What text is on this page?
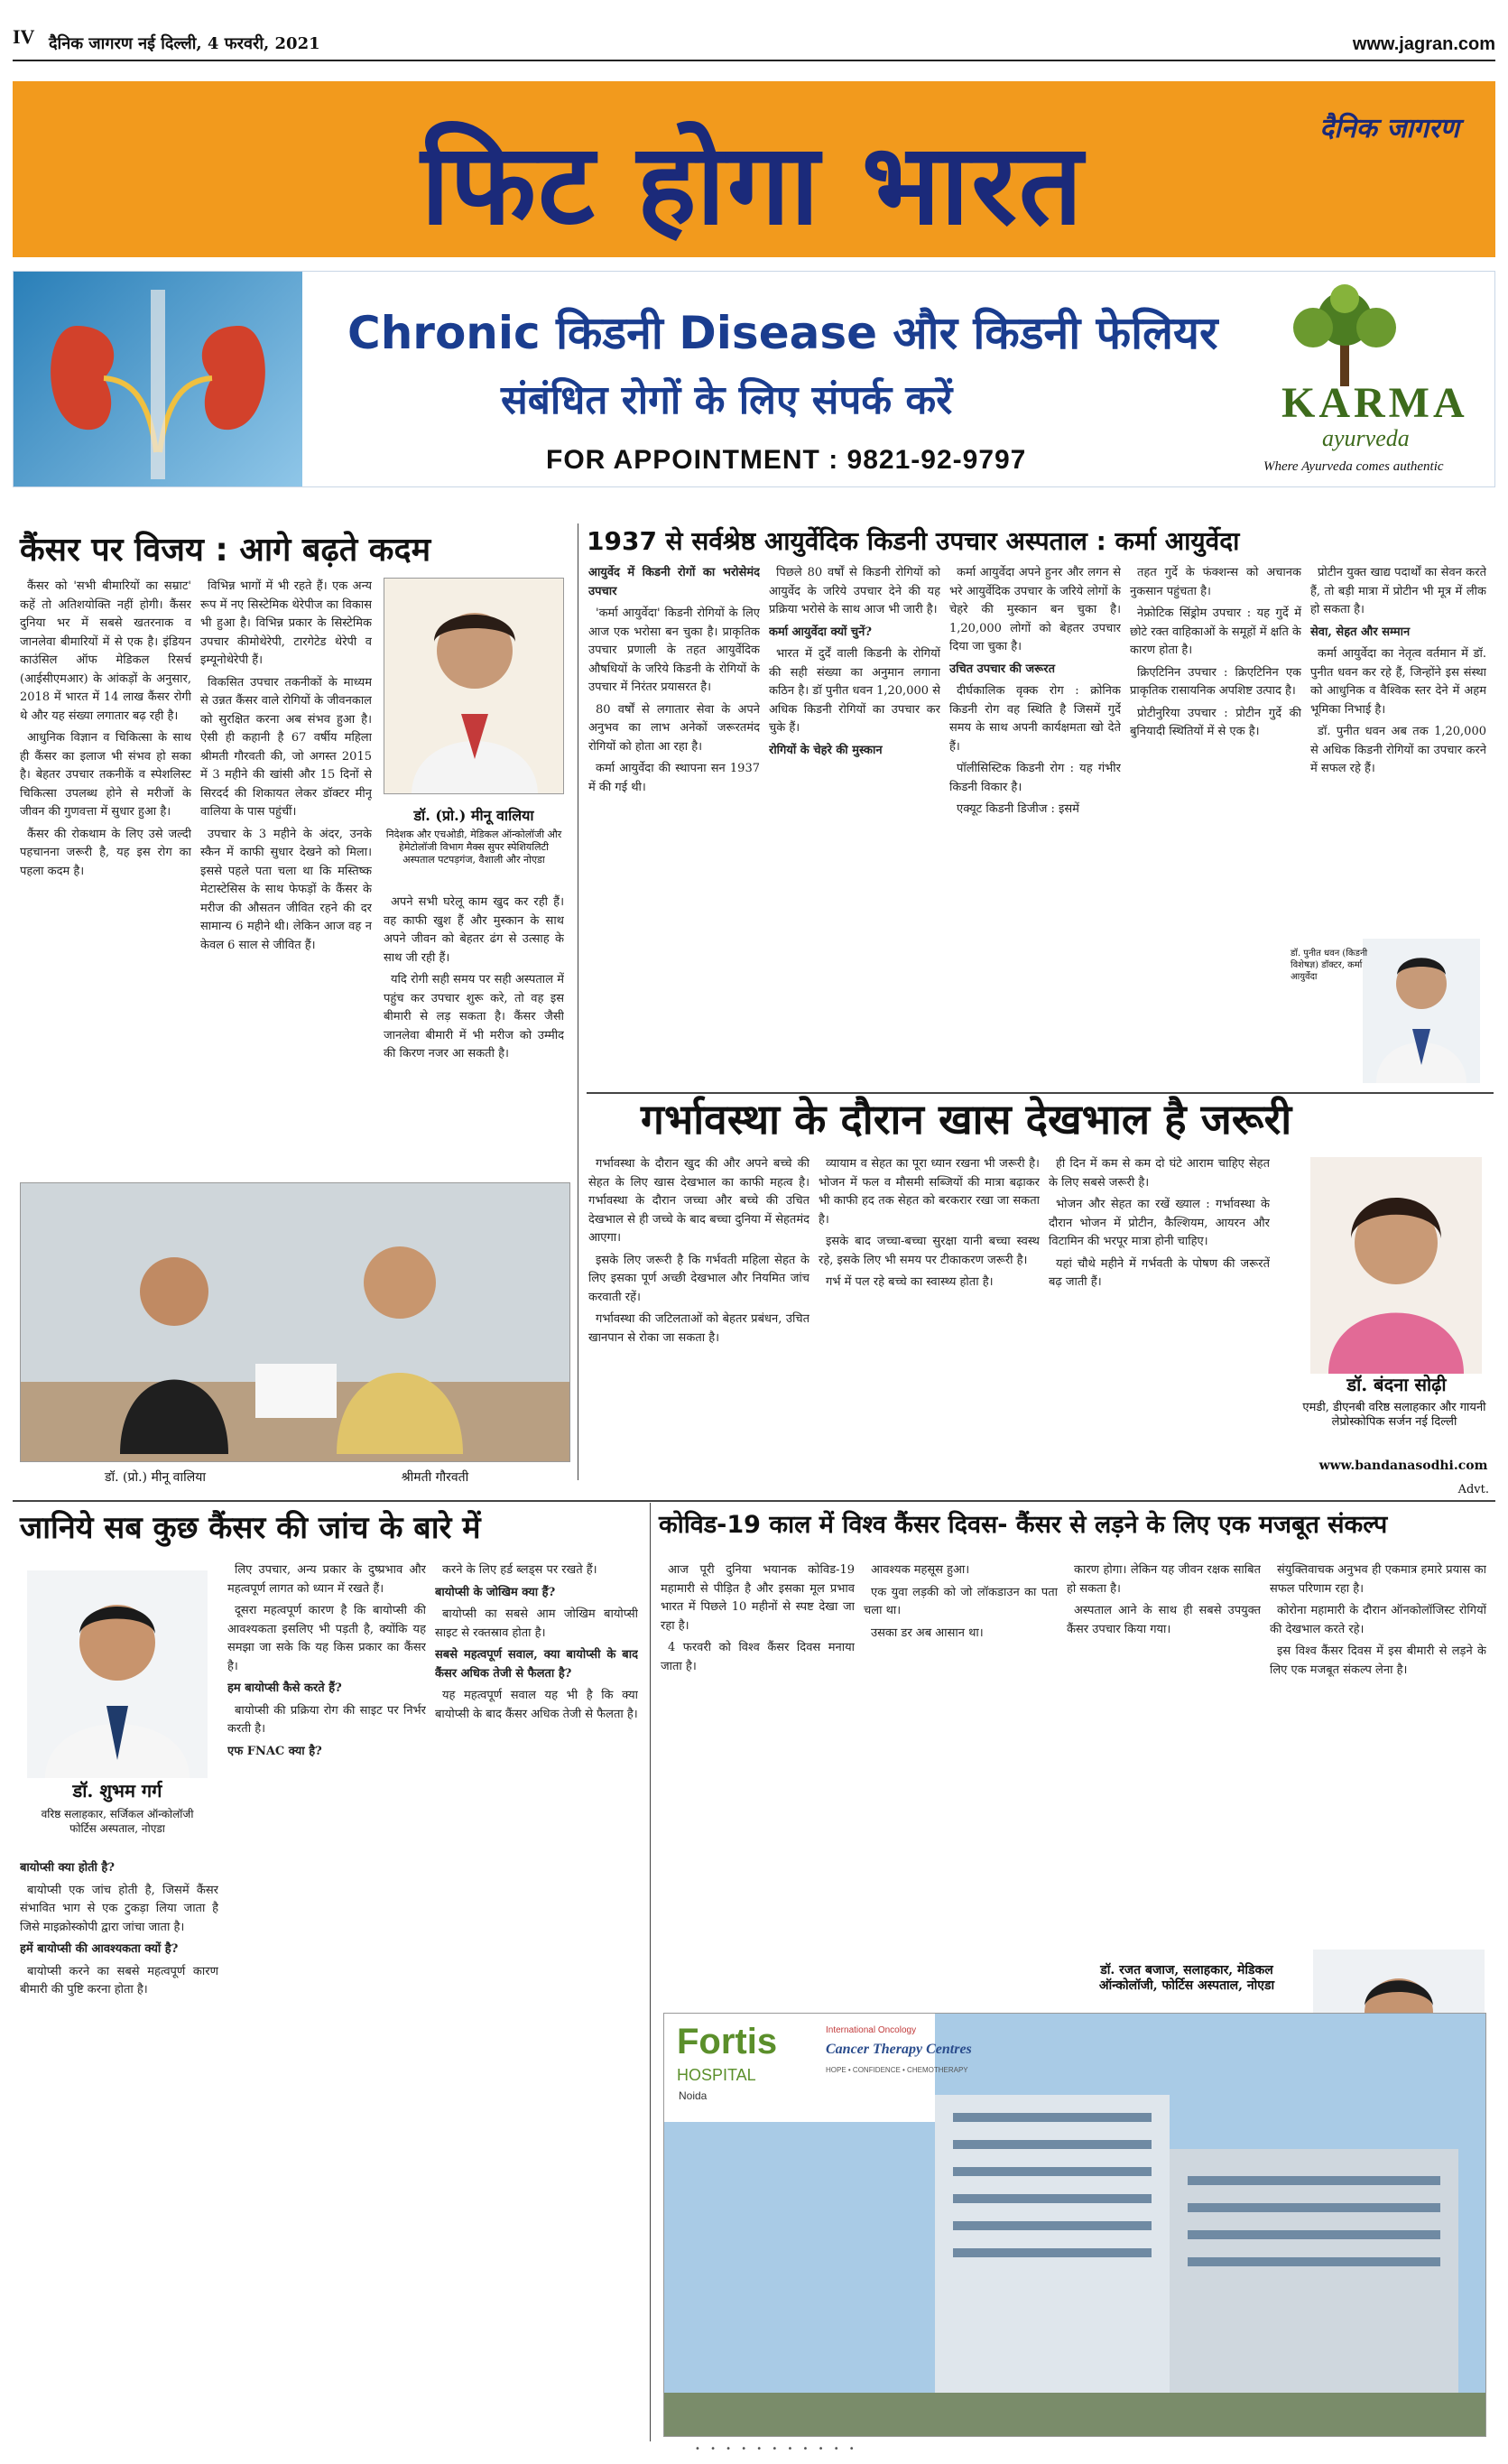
IV दैनिक जागरण नई दिल्ली, 4 फरवरी, 2021	www.jagran.com
दैनिक जागरण
फिट होगा भारत
Chronic किडनी Disease और किडनी फेलियर
संबंधित रोगों के लिए संपर्क करें
FOR APPOINTMENT : 9821-92-9797
KARMA
ayurveda
Where Ayurveda comes authentic
कैंसर पर विजय : आगे बढ़ते कदम

कैंसर को 'सभी बीमारियों का सम्राट' कहें तो अतिशयोक्ति नहीं होगी। कैंसर दुनिया भर में सबसे खतरनाक व जानलेवा बीमारियों में से एक है। इंडियन काउंसिल ऑफ मेडिकल रिसर्च (आईसीएमआर) के आंकड़ों के अनुसार, 2018 में भारत में 14 लाख कैंसर रोगी थे और यह संख्या लगातार बढ़ रही है।

आधुनिक विज्ञान व चिकित्सा के साथ ही कैंसर का इलाज भी संभव हो सका है। बेहतर उपचार तकनीकें व स्पेशलिस्ट चिकित्सा उपलब्ध होने से मरीजों के जीवन की गुणवत्ता में सुधार हुआ है।

कैंसर की रोकथाम के लिए उसे जल्दी पहचानना जरूरी है, यह इस रोग का पहला कदम है।

विभिन्न भागों में भी रहते हैं। एक अन्य रूप में नए सिस्टेमिक थेरेपीज का विकास भी हुआ है। विभिन्न प्रकार के सिस्टेमिक उपचार कीमोथेरेपी, टारगेटेड थेरेपी व इम्यूनोथेरेपी हैं।

विकसित उपचार तकनीकों के माध्यम से उन्नत कैंसर वाले रोगियों के जीवनकाल को सुरक्षित करना अब संभव हुआ है। ऐसी ही कहानी है 67 वर्षीय महिला श्रीमती गौरवती की, जो अगस्त 2015 में 3 महीने की खांसी और 15 दिनों से सिरदर्द की शिकायत लेकर डॉक्टर मीनू वालिया के पास पहुंचीं।

उपचार के 3 महीने के अंदर, उनके स्कैन में काफी सुधार देखने को मिला। इससे पहले पता चला था कि मस्तिष्क मेटास्टेसिस के साथ फेफड़ों के कैंसर के मरीज की औसतन जीवित रहने की दर सामान्य 6 महीने थी। लेकिन आज वह न केवल 6 साल से जीवित हैं।

डॉ. (प्रो.) मीनू वालिया
निदेशक और एचओडी, मेडिकल ऑन्कोलॉजी और हेमेटोलॉजी विभाग मैक्स सुपर स्पेशियलिटी अस्पताल पटपड़गंज, वैशाली और नोएडा

अपने सभी घरेलू काम खुद कर रही हैं। वह काफी खुश हैं और मुस्कान के साथ अपने जीवन को बेहतर ढंग से उत्साह के साथ जी रही हैं।

यदि रोगी सही समय पर सही अस्पताल में पहुंच कर उपचार शुरू करे, तो वह इस बीमारी से लड़ सकता है। कैंसर जैसी जानलेवा बीमारी में भी मरीज को उम्मीद की किरण नजर आ सकती है।

डॉ. (प्रो.) मीनू वालिया	श्रीमती गौरवती
1937 से सर्वश्रेष्ठ आयुर्वेदिक किडनी उपचार अस्पताल : कर्मा आयुर्वेदा

आयुर्वेद में किडनी रोगों का भरोसेमंद उपचार

'कर्मा आयुर्वेदा' किडनी रोगियों के लिए आज एक भरोसा बन चुका है। प्राकृतिक उपचार प्रणाली के तहत आयुर्वेदिक औषधियों के जरिये किडनी के रोगियों के उपचार में निरंतर प्रयासरत है।

80 वर्षों से लगातार सेवा के अपने अनुभव का लाभ अनेकों जरूरतमंद रोगियों को होता आ रहा है।

कर्मा आयुर्वेदा की स्थापना सन 1937 में की गई थी।

पिछले 80 वर्षों से किडनी रोगियों को आयुर्वेद के जरिये उपचार देने की यह प्रक्रिया भरोसे के साथ आज भी जारी है।

कर्मा आयुर्वेदा क्यों चुनें?

भारत में दुर्दें वाली किडनी के रोगियों की सही संख्या का अनुमान लगाना कठिन है। डॉ पुनीत धवन 1,20,000 से अधिक किडनी रोगियों का उपचार कर चुके हैं।

रोगियों के चेहरे की मुस्कान

कर्मा आयुर्वेदा अपने हुनर और लगन से भरे आयुर्वेदिक उपचार के जरिये लोगों के चेहरे की मुस्कान बन चुका है। 1,20,000 लोगों को बेहतर उपचार दिया जा चुका है।

उचित उपचार की जरूरत

दीर्घकालिक वृक्क रोग : क्रोनिक किडनी रोग वह स्थिति है जिसमें गुर्दे समय के साथ अपनी कार्यक्षमता खो देते हैं।

पॉलीसिस्टिक किडनी रोग : यह गंभीर किडनी विकार है।

एक्यूट किडनी डिजीज : इसमें

तहत गुर्दे के फंक्शन्स को अचानक नुकसान पहुंचता है।

नेफ्रोटिक सिंड्रोम उपचार : यह गुर्दे में छोटे रक्त वाहिकाओं के समूहों में क्षति के कारण होता है।

क्रिएटिनिन उपचार : क्रिएटिनिन एक प्राकृतिक रासायनिक अपशिष्ट उत्पाद है।

प्रोटीनुरिया उपचार : प्रोटीन गुर्दे की बुनियादी स्थितियों में से एक है।

प्रोटीन युक्त खाद्य पदार्थों का सेवन करते हैं, तो बड़ी मात्रा में प्रोटीन भी मूत्र में लीक हो सकता है।

सेवा, सेहत और सम्मान

कर्मा आयुर्वेदा का नेतृत्व वर्तमान में डॉ. पुनीत धवन कर रहे हैं, जिन्होंने इस संस्था को आधुनिक व वैश्विक स्तर देने में अहम भूमिका निभाई है।

डॉ. पुनीत धवन अब तक 1,20,000 से अधिक किडनी रोगियों का उपचार करने में सफल रहे हैं।

डॉ. पुनीत धवन (किडनी विशेषज्ञ) डॉक्टर, कर्मा आयुर्वेदा
गर्भावस्था के दौरान खास देखभाल है जरूरी

गर्भावस्था के दौरान खुद की और अपने बच्चे की सेहत के लिए खास देखभाल का काफी महत्व है। गर्भावस्था के दौरान जच्चा और बच्चे की उचित देखभाल से ही जच्चे के बाद बच्चा दुनिया में सेहतमंद आएगा।

इसके लिए जरूरी है कि गर्भवती महिला सेहत के लिए इसका पूर्ण अच्छी देखभाल और नियमित जांच करवाती रहें।

गर्भावस्था की जटिलताओं को बेहतर प्रबंधन, उचित खानपान से रोका जा सकता है।

व्यायाम व सेहत का पूरा ध्यान रखना भी जरूरी है। भोजन में फल व मौसमी सब्जियों की मात्रा बढ़ाकर भी काफी हद तक सेहत को बरकरार रखा जा सकता है।

इसके बाद जच्चा-बच्चा सुरक्षा यानी बच्चा स्वस्थ रहे, इसके लिए भी समय पर टीकाकरण जरूरी है।

गर्भ में पल रहे बच्चे का स्वास्थ्य होता है।

ही दिन में कम से कम दो घंटे आराम चाहिए सेहत के लिए सबसे जरूरी है।

भोजन और सेहत का रखें ख्याल : गर्भावस्था के दौरान भोजन में प्रोटीन, कैल्शियम, आयरन और विटामिन की भरपूर मात्रा होनी चाहिए।

यहां चौथे महीने में गर्भवती के पोषण की जरूरतें बढ़ जाती हैं।

डॉ. बंदना सोढ़ी
एमडी, डीएनबी वरिष्ठ सलाहकार और गायनी लेप्रोस्कोपिक सर्जन नई दिल्ली
www.bandanasodhi.com
Advt.
जानिये सब कुछ कैंसर की जांच के बारे में
डॉ. शुभम गर्ग
वरिष्ठ सलाहकार, सर्जिकल ऑन्कोलॉजी फोर्टिस अस्पताल, नोएडा

बायोप्सी क्या होती है?

बायोप्सी एक जांच होती है, जिसमें कैंसर संभावित भाग से एक टुकड़ा लिया जाता है जिसे माइक्रोस्कोपी द्वारा जांचा जाता है।

हमें बायोप्सी की आवश्यकता क्यों है?

बायोप्सी करने का सबसे महत्वपूर्ण कारण बीमारी की पुष्टि करना होता है।

लिए उपचार, अन्य प्रकार के दुष्प्रभाव और महत्वपूर्ण लागत को ध्यान में रखते हैं।

दूसरा महत्वपूर्ण कारण है कि बायोप्सी की आवश्यकता इसलिए भी पड़ती है, क्योंकि यह समझा जा सके कि यह किस प्रकार का कैंसर है।

हम बायोप्सी कैसे करते हैं?

बायोप्सी की प्रक्रिया रोग की साइट पर निर्भर करती है।

एफ FNAC क्या है?

करने के लिए हर्ड ब्लड्स पर रखते हैं।

बायोप्सी के जोखिम क्या हैं?

बायोप्सी का सबसे आम जोखिम बायोप्सी साइट से रक्तस्राव होता है।

सबसे महत्वपूर्ण सवाल, क्या बायोप्सी के बाद कैंसर अधिक तेजी से फैलता है?

यह महत्वपूर्ण सवाल यह भी है कि क्या बायोप्सी के बाद कैंसर अधिक तेजी से फैलता है।

कोविड-19 काल में विश्व कैंसर दिवस- कैंसर से लड़ने के लिए एक मजबूत संकल्प

आज पूरी दुनिया भयानक कोविड-19 महामारी से पीड़ित है और इसका मूल प्रभाव भारत में पिछले 10 महीनों से स्पष्ट देखा जा रहा है।

4 फरवरी को विश्व कैंसर दिवस मनाया जाता है।

आवश्यक महसूस हुआ।

एक युवा लड़की को जो लॉकडाउन का पता चला था।

उसका डर अब आसान था।

कारण होगा। लेकिन यह जीवन रक्षक साबित हो सकता है।

अस्पताल आने के साथ ही सबसे उपयुक्त कैंसर उपचार किया गया।

संयुक्तिवाचक अनुभव ही एकमात्र हमारे प्रयास का सफल परिणाम रहा है।

कोरोना महामारी के दौरान ऑनकोलॉजिस्ट रोगियों की देखभाल करते रहे।

इस विश्व कैंसर दिवस में इस बीमारी से लड़ने के लिए एक मजबूत संकल्प लेना है।

डॉ. रजत बजाज, सलाहकार, मेडिकल ऑन्कोलॉजी, फोर्टिस अस्पताल, नोएडा
Fortis
HOSPITAL
Noida
International Oncology
Cancer Therapy Centres
HOPE • CONFIDENCE • CHEMOTHERAPY
• • • • • • • • • • •
